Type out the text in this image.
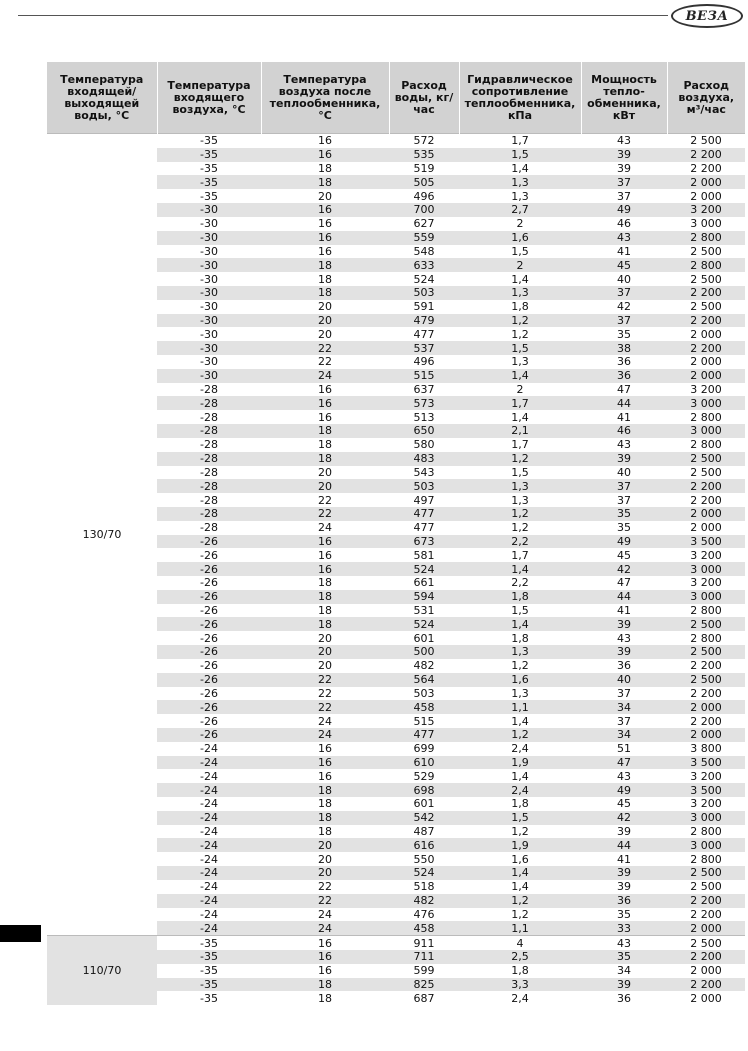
ВЕЗА
Температура входящей/ выходящей воды, °С	Температура входящего воздуха, °С	Температура воздуха после теплообменника, °С	Расход воды, кг/час	Гидравлическое сопротивление теплообменника, кПа	Мощность тепло-обменника, кВт	Расход воздуха, м³/час
130/70	-35	16	572	1,7	43	2 500
	-35	16	535	1,5	39	2 200
	-35	18	519	1,4	39	2 200
	-35	18	505	1,3	37	2 000
	-35	20	496	1,3	37	2 000
	-30	16	700	2,7	49	3 200
	-30	16	627	2	46	3 000
	-30	16	559	1,6	43	2 800
	-30	16	548	1,5	41	2 500
	-30	18	633	2	45	2 800
	-30	18	524	1,4	40	2 500
	-30	18	503	1,3	37	2 200
	-30	20	591	1,8	42	2 500
	-30	20	479	1,2	37	2 200
	-30	20	477	1,2	35	2 000
	-30	22	537	1,5	38	2 200
	-30	22	496	1,3	36	2 000
	-30	24	515	1,4	36	2 000
	-28	16	637	2	47	3 200
	-28	16	573	1,7	44	3 000
	-28	16	513	1,4	41	2 800
	-28	18	650	2,1	46	3 000
	-28	18	580	1,7	43	2 800
	-28	18	483	1,2	39	2 500
	-28	20	543	1,5	40	2 500
	-28	20	503	1,3	37	2 200
	-28	22	497	1,3	37	2 200
	-28	22	477	1,2	35	2 000
	-28	24	477	1,2	35	2 000
	-26	16	673	2,2	49	3 500
	-26	16	581	1,7	45	3 200
	-26	16	524	1,4	42	3 000
	-26	18	661	2,2	47	3 200
	-26	18	594	1,8	44	3 000
	-26	18	531	1,5	41	2 800
	-26	18	524	1,4	39	2 500
	-26	20	601	1,8	43	2 800
	-26	20	500	1,3	39	2 500
	-26	20	482	1,2	36	2 200
	-26	22	564	1,6	40	2 500
	-26	22	503	1,3	37	2 200
	-26	22	458	1,1	34	2 000
	-26	24	515	1,4	37	2 200
	-26	24	477	1,2	34	2 000
	-24	16	699	2,4	51	3 800
	-24	16	610	1,9	47	3 500
	-24	16	529	1,4	43	3 200
	-24	18	698	2,4	49	3 500
	-24	18	601	1,8	45	3 200
	-24	18	542	1,5	42	3 000
	-24	18	487	1,2	39	2 800
	-24	20	616	1,9	44	3 000
	-24	20	550	1,6	41	2 800
	-24	20	524	1,4	39	2 500
	-24	22	518	1,4	39	2 500
	-24	22	482	1,2	36	2 200
	-24	24	476	1,2	35	2 200
	-24	24	458	1,1	33	2 000
110/70	-35	16	911	4	43	2 500
	-35	16	711	2,5	35	2 200
	-35	16	599	1,8	34	2 000
	-35	18	825	3,3	39	2 200
	-35	18	687	2,4	36	2 000
